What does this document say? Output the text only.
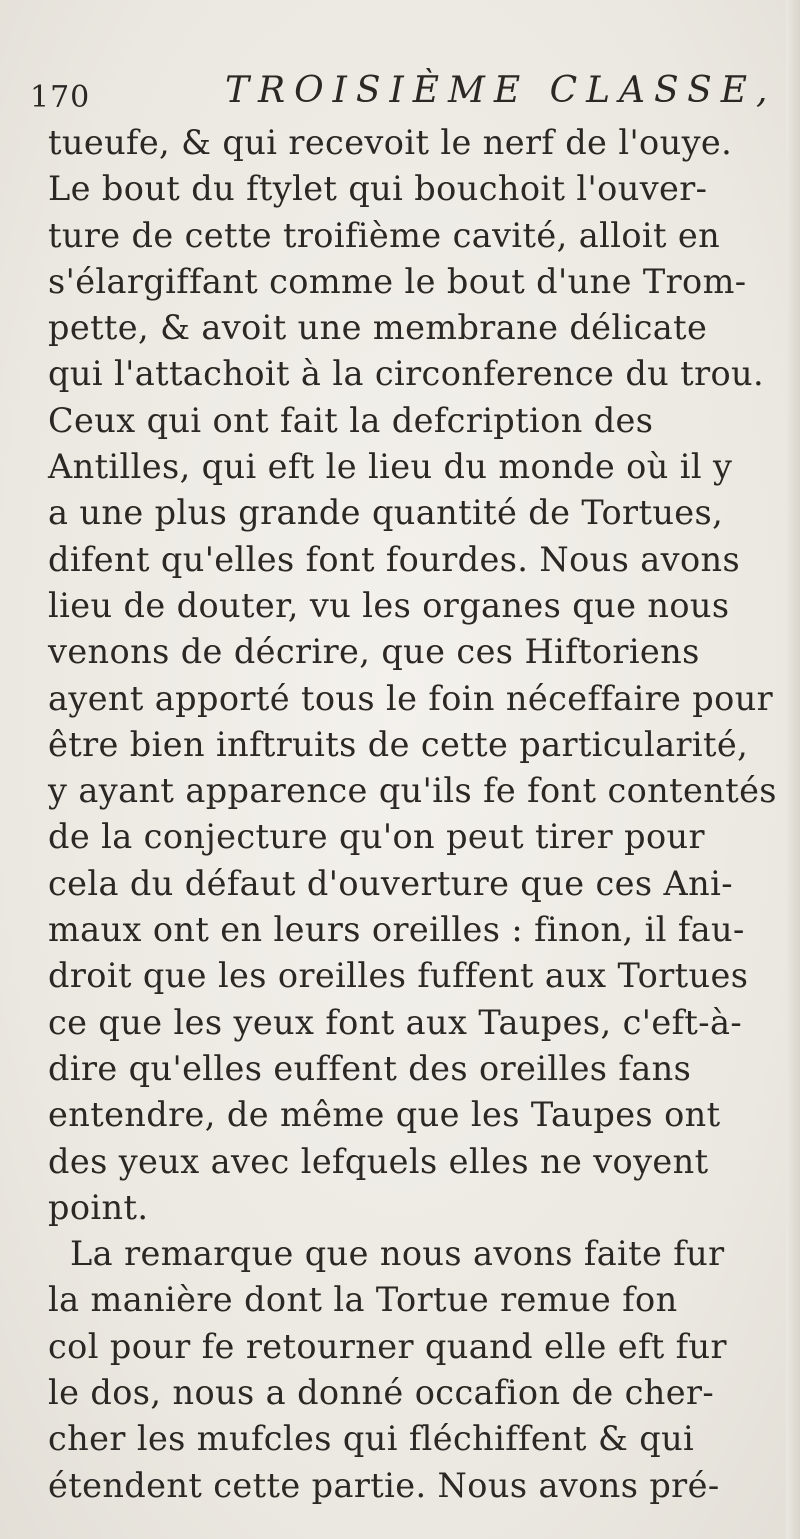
170	TROISIÈME CLASSE,
tueufe, & qui recevoit le nerf de l'ouye.
Le bout du ftylet qui bouchoit l'ouver-
ture de cette troifième cavité, alloit en
s'élargiffant comme le bout d'une Trom-
pette, & avoit une membrane délicate
qui l'attachoit à la circonference du trou.
Ceux qui ont fait la defcription des
Antilles, qui eft le lieu du monde où il y
a une plus grande quantité de Tortues,
difent qu'elles font fourdes. Nous avons
lieu de douter, vu les organes que nous
venons de décrire, que ces Hiftoriens
ayent apporté tous le foin néceffaire pour
être bien inftruits de cette particularité,
y ayant apparence qu'ils fe font contentés
de la conjecture qu'on peut tirer pour
cela du défaut d'ouverture que ces Ani-
maux ont en leurs oreilles : finon, il fau-
droit que les oreilles fuffent aux Tortues
ce que les yeux font aux Taupes, c'eft-à-
dire qu'elles euffent des oreilles fans
entendre, de même que les Taupes ont
des yeux avec lefquels elles ne voyent
point.
La remarque que nous avons faite fur
la manière dont la Tortue remue fon
col pour fe retourner quand elle eft fur
le dos, nous a donné occafion de cher-
cher les mufcles qui fléchiffent & qui
étendent cette partie. Nous avons pré-
